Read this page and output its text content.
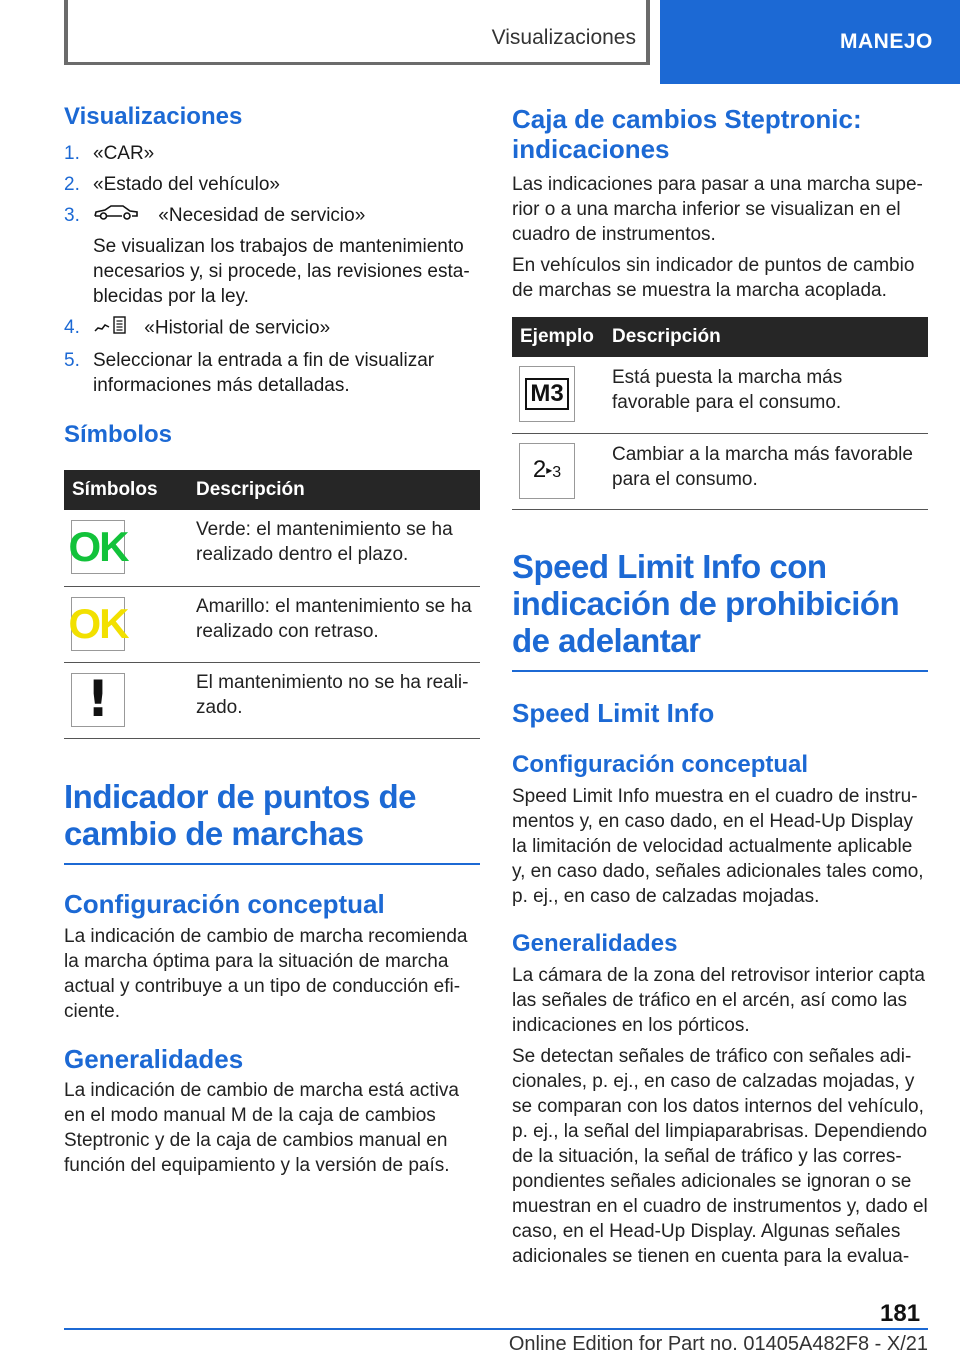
Visualizaciones	MANEJO
Visualizaciones
1. «CAR»
2. «Estado del vehículo»
3.	«Necesidad de servicio»
Se visualizan los trabajos de mantenimiento necesarios y, si procede, las revisiones establecidas por la ley.
4.	«Historial de servicio»
5. Seleccionar la entrada a fin de visualizar informaciones más detalladas.
Símbolos
Símbolos	Descripción

OK	Verde: el mantenimiento se ha realizado dentro el plazo.

OK	Amarillo: el mantenimiento se ha realizado con retraso.

!	El mantenimiento no se ha realizado.
Indicador de puntos de cambio de marchas
Configuración conceptual

La indicación de cambio de marcha recomienda la marcha óptima para la situación de marcha actual y contribuye a un tipo de conducción eficiente.

Generalidades

La indicación de cambio de marcha está activa en el modo manual M de la caja de cambios Steptronic y de la caja de cambios manual en función del equipamiento y la versión de país.

Caja de cambios Steptronic: indicaciones

Las indicaciones para pasar a una marcha superior o a una marcha inferior se visualizan en el cuadro de instrumentos.

En vehículos sin indicador de puntos de cambio de marchas se muestra la marcha acoplada.

Ejemplo	Descripción

M3	Está puesta la marcha más favorable para el consumo.

2▸3	Cambiar a la marcha más favorable para el consumo.
Speed Limit Info con indicación de prohibición de adelantar
Speed Limit Info
Configuración conceptual

Speed Limit Info muestra en el cuadro de instrumentos y, en caso dado, en el Head-Up Display la limitación de velocidad actualmente aplicable y, en caso dado, señales adicionales tales como, p. ej., en caso de calzadas mojadas.

Generalidades

La cámara de la zona del retrovisor interior capta las señales de tráfico en el arcén, así como las indicaciones en los pórticos.

Se detectan señales de tráfico con señales adicionales, p. ej., en caso de calzadas mojadas, y se comparan con los datos internos del vehículo, p. ej., la señal del limpiaparabrisas. Dependiendo de la situación, la señal de tráfico y las correspondientes señales adicionales se ignoran o se muestran en el cuadro de instrumentos y, dado el caso, en el Head-Up Display. Algunas señales adicionales se tienen en cuenta para la evalua-

181
Online Edition for Part no. 01405A482F8 - X/21
